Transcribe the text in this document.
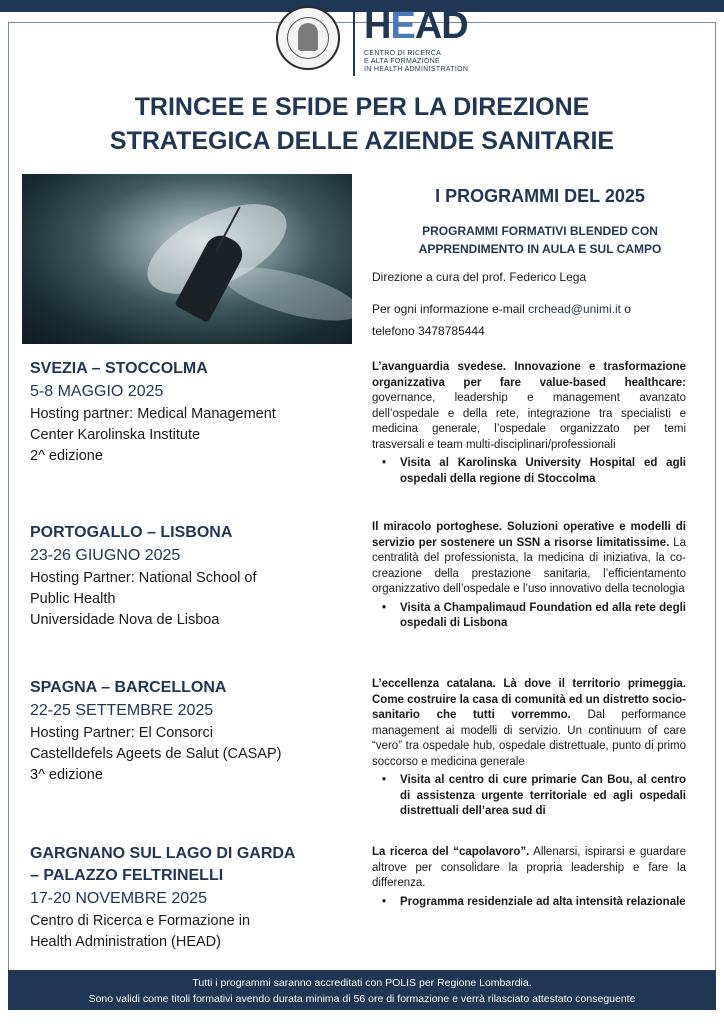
HEAD
CENTRO DI RICERCA
E ALTA FORMAZIONE
IN HEALTH ADMINISTRATION
TRINCEE E SFIDE PER LA DIREZIONE
STRATEGICA DELLE AZIENDE SANITARIE
I PROGRAMMI DEL 2025
PROGRAMMI FORMATIVI BLENDED CON
APPRENDIMENTO IN AULA E SUL CAMPO
Direzione a cura del prof. Federico Lega
Per ogni informazione e-mail crchead@unimi.it o
telefono 3478785444
SVEZIA – STOCCOLMA
5-8 MAGGIO 2025
Hosting partner: Medical Management
Center Karolinska Institute
2^ edizione
PORTOGALLO – LISBONA
23-26 GIUGNO 2025
Hosting Partner: National School of
Public Health
Universidade Nova de Lisboa
SPAGNA – BARCELLONA
22-25 SETTEMBRE 2025
Hosting Partner: El Consorci
Castelldefels Ageets de Salut (CASAP)
3^ edizione
GARGNANO SUL LAGO DI GARDA
– PALAZZO FELTRINELLI
17-20 NOVEMBRE 2025
Centro di Ricerca e Formazione in
Health Administration (HEAD)
L’avanguardia svedese. Innovazione e trasformazione organizzativa per fare value-based healthcare: governance, leadership e management avanzato dell’ospedale e della rete, integrazione tra specialisti e medicina generale, l’ospedale organizzato per temi trasversali e team multi-disciplinari/professionali
• Visita al Karolinska University Hospital ed agli ospedali della regione di Stoccolma
Il miracolo portoghese. Soluzioni operative e modelli di servizio per sostenere un SSN a risorse limitatissime. La centralità del professionista, la medicina di iniziativa, la co-creazione della prestazione sanitaria, l’efficientamento organizzativo dell’ospedale e l’uso innovativo della tecnologia
• Visita a Champalimaud Foundation ed alla rete degli ospedali di Lisbona
L’eccellenza catalana. Là dove il territorio primeggia. Come costruire la casa di comunità ed un distretto socio-sanitario che tutti vorremmo. Dal performance management ai modelli di servizio. Un continuum of care “vero” tra ospedale hub, ospedale distrettuale, punto di primo soccorso e medicina generale
• Visita al centro di cure primarie Can Bou, al centro di assistenza urgente territoriale ed agli ospedali distrettuali dell’area sud di
La ricerca del “capolavoro”. Allenarsi, ispirarsi e guardare altrove per consolidare la propria leadership e fare la differenza.
• Programma residenziale ad alta intensità relazionale
Tutti i programmi saranno accreditati con POLIS per Regione Lombardia.
Sono validi come titoli formativi avendo durata minima di 56 ore di formazione e verrà rilasciato attestato conseguente
